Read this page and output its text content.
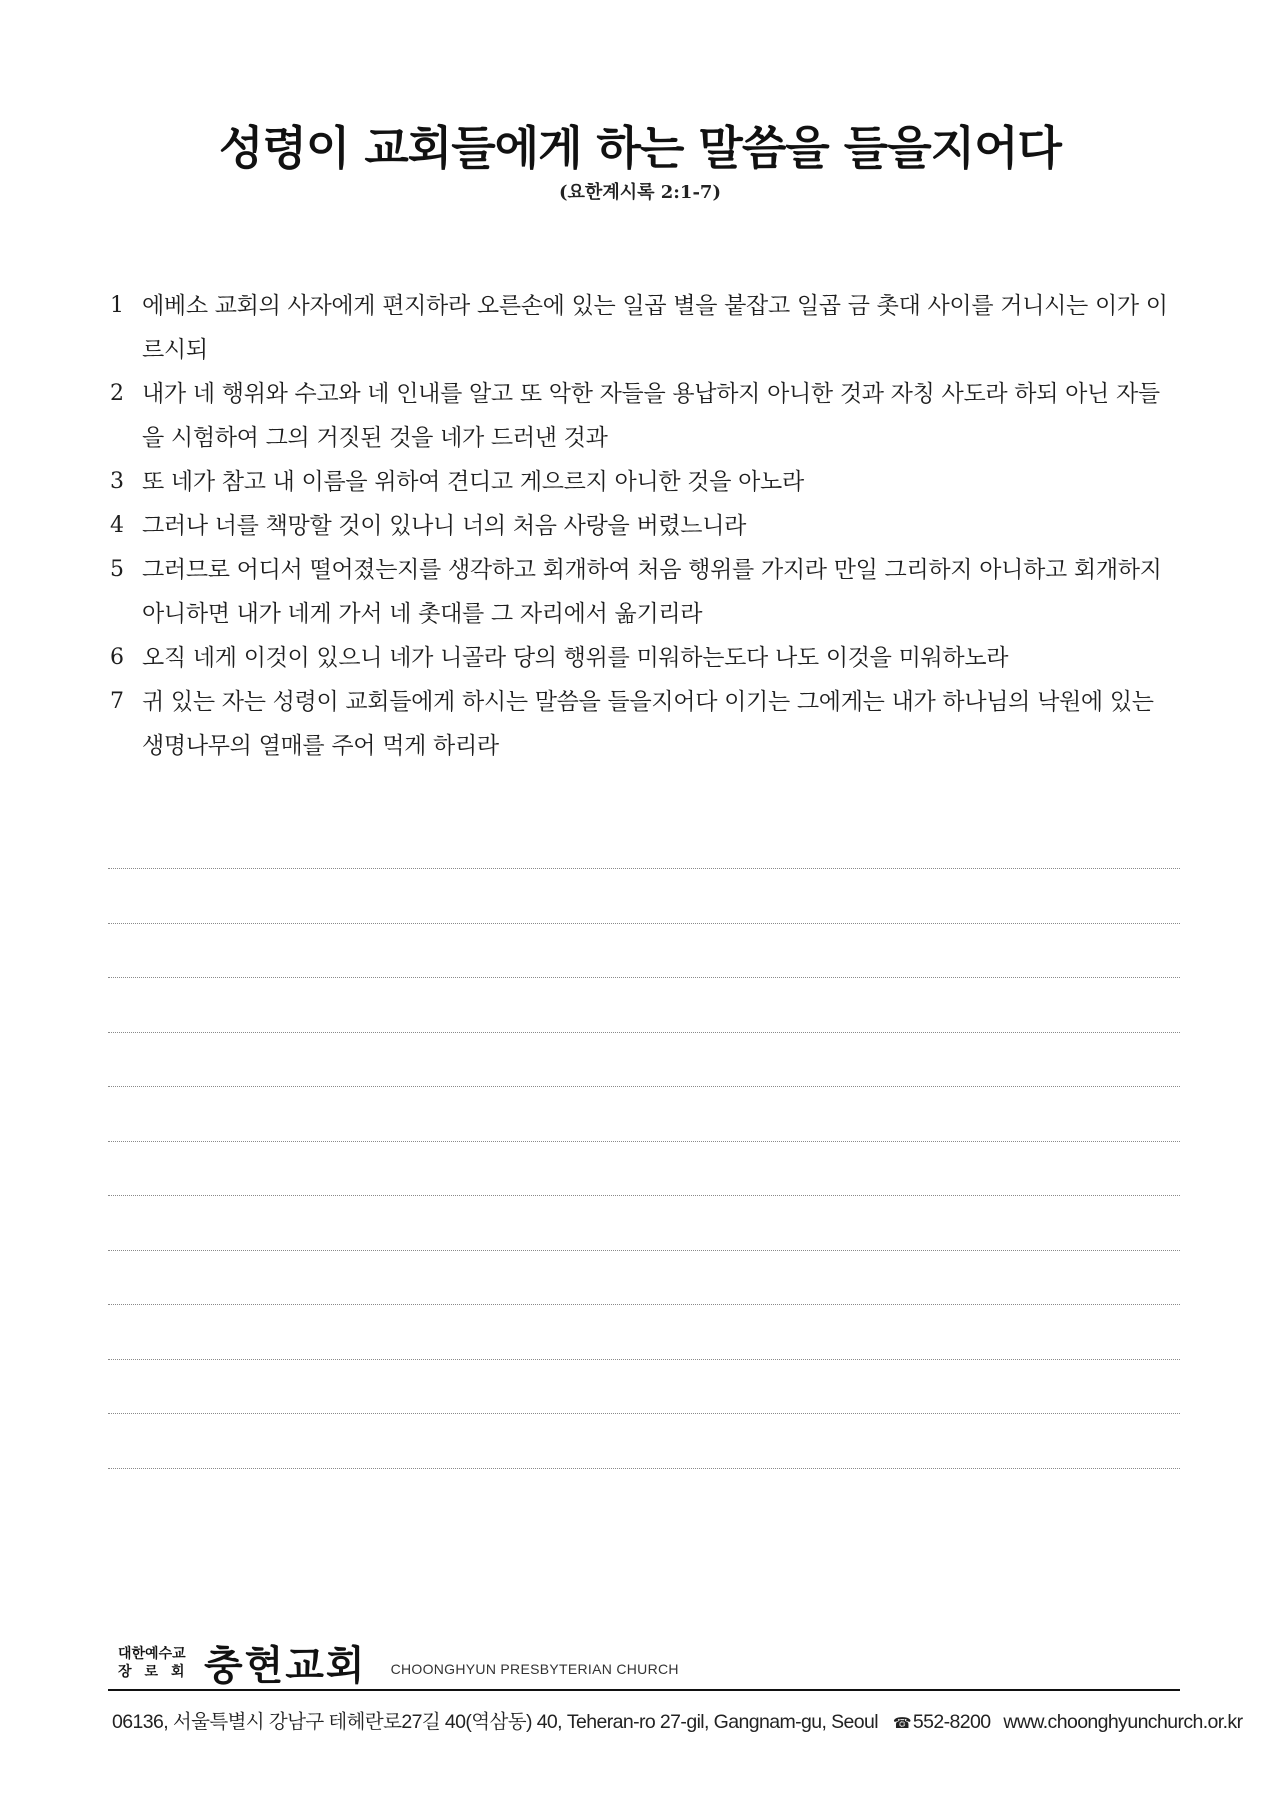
성령이 교회들에게 하는 말씀을 들을지어다
(요한계시록 2:1-7)
1 에베소 교회의 사자에게 편지하라 오른손에 있는 일곱 별을 붙잡고 일곱 금 촛대 사이를 거니시는 이가 이르시되
2 내가 네 행위와 수고와 네 인내를 알고 또 악한 자들을 용납하지 아니한 것과 자칭 사도라 하되 아닌 자들을 시험하여 그의 거짓된 것을 네가 드러낸 것과
3 또 네가 참고 내 이름을 위하여 견디고 게으르지 아니한 것을 아노라
4 그러나 너를 책망할 것이 있나니 너의 처음 사랑을 버렸느니라
5 그러므로 어디서 떨어졌는지를 생각하고 회개하여 처음 행위를 가지라 만일 그리하지 아니하고 회개하지 아니하면 내가 네게 가서 네 촛대를 그 자리에서 옮기리라
6 오직 네게 이것이 있으니 네가 니골라 당의 행위를 미워하는도다 나도 이것을 미워하노라
7 귀 있는 자는 성령이 교회들에게 하시는 말씀을 들을지어다 이기는 그에게는 내가 하나님의 낙원에 있는 생명나무의 열매를 주어 먹게 하리라
대한예수교
장로회 충현교회 CHOONGHYUN PRESBYTERIAN CHURCH
06136, 서울특별시 강남구 테헤란로27길 40(역삼동) 40, Teheran-ro 27-gil, Gangnam-gu, Seoul ☎ 552-8200 www.choonghyunchurch.or.kr
